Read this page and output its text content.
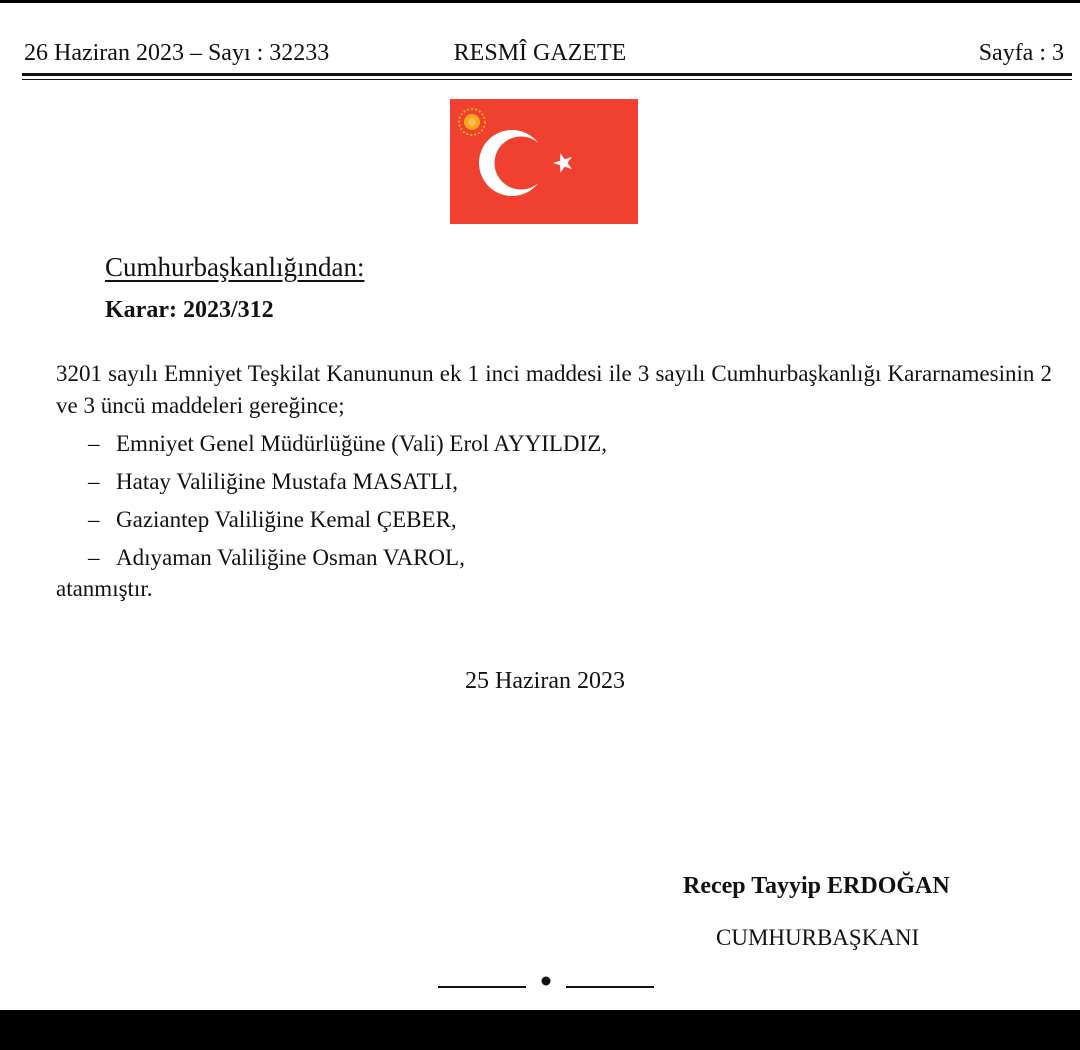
26 Haziran 2023 – Sayı : 32233	RESMÎ GAZETE	Sayfa : 3
Cumhurbaşkanlığından:
Karar: 2023/312
3201 sayılı Emniyet Teşkilat Kanununun ek 1 inci maddesi ile 3 sayılı Cumhurbaşkanlığı Kararnamesinin 2 ve 3 üncü maddeleri gereğince;
– Emniyet Genel Müdürlüğüne (Vali) Erol AYYILDIZ,
– Hatay Valiliğine Mustafa MASATLI,
– Gaziantep Valiliğine Kemal ÇEBER,
– Adıyaman Valiliğine Osman VAROL,
atanmıştır.
25 Haziran 2023
Recep Tayyip ERDOĞAN
CUMHURBAŞKANI
